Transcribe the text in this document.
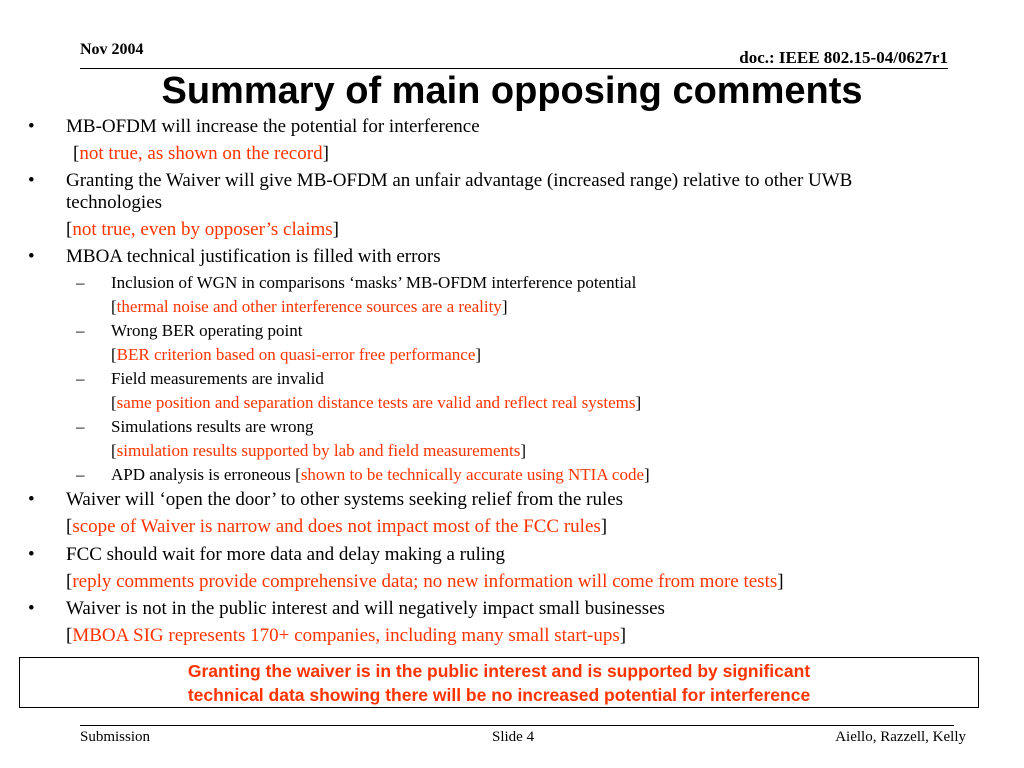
Nov 2004	doc.: IEEE 802.15-04/0627r1
Summary of main opposing comments
• MB-OFDM will increase the potential for interference
[not true, as shown on the record]
• Granting the Waiver will give MB-OFDM an unfair advantage (increased range) relative to other UWB
technologies
[not true, even by opposer’s claims]
• MBOA technical justification is filled with errors
– Inclusion of WGN in comparisons ‘masks’ MB-OFDM interference potential
[thermal noise and other interference sources are a reality]
– Wrong BER operating point
[BER criterion based on quasi-error free performance]
– Field measurements are invalid
[same position and separation distance tests are valid and reflect real systems]
– Simulations results are wrong
[simulation results supported by lab and field measurements]
– APD analysis is erroneous [shown to be technically accurate using NTIA code]
• Waiver will ‘open the door’ to other systems seeking relief from the rules
[scope of Waiver is narrow and does not impact most of the FCC rules]
• FCC should wait for more data and delay making a ruling
[reply comments provide comprehensive data; no new information will come from more tests]
• Waiver is not in the public interest and will negatively impact small businesses
[MBOA SIG represents 170+ companies, including many small start-ups]
Granting the waiver is in the public interest and is supported by significant
technical data showing there will be no increased potential for interference
Submission	Slide 4	Aiello, Razzell, Kelly
